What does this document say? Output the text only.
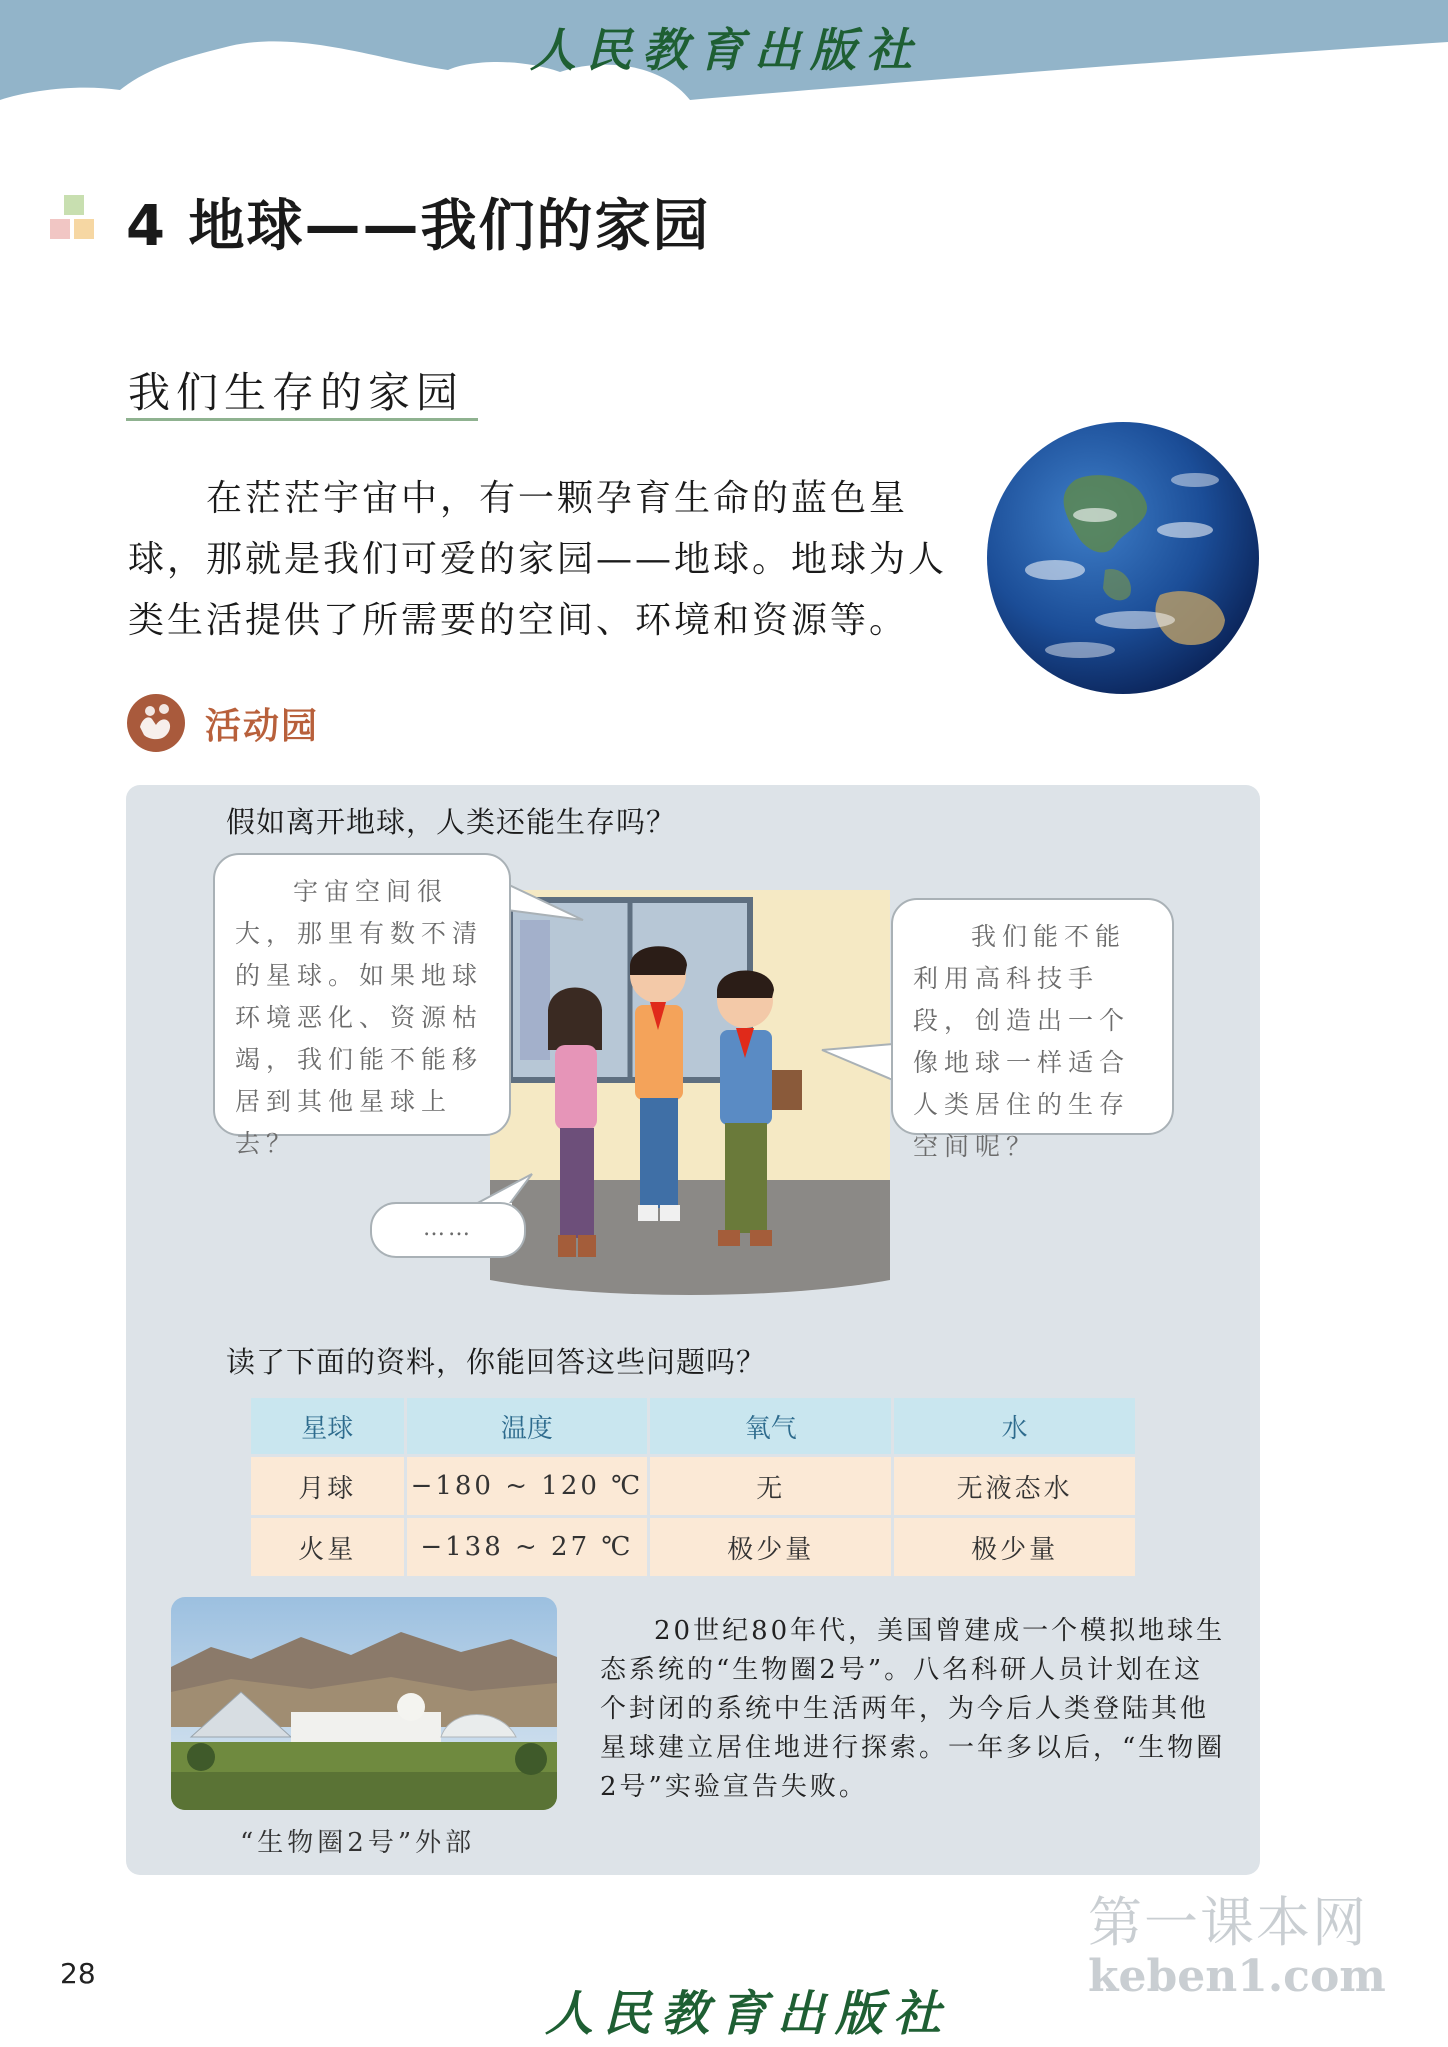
人民教育出版社
4 地球——我们的家园
我们生存的家园
在茫茫宇宙中，有一颗孕育生命的蓝色星球，那就是我们可爱的家园——地球。地球为人类生活提供了所需要的空间、环境和资源等。
活动园
假如离开地球，人类还能生存吗？
宇宙空间很大，那里有数不清的星球。如果地球环境恶化、资源枯竭，我们能不能移居到其他星球上去？
我们能不能利用高科技手段，创造出一个像地球一样适合人类居住的生存空间呢？
……
读了下面的资料，你能回答这些问题吗？
星球	温度	氧气	水
月球	−180 ~ 120 ℃	无	无液态水
火星	−138 ~ 27 ℃	极少量	极少量
“生物圈2号”外部
20世纪80年代，美国曾建成一个模拟地球生态系统的“生物圈2号”。八名科研人员计划在这个封闭的系统中生活两年，为今后人类登陆其他星球建立居住地进行探索。一年多以后，“生物圈2号”实验宣告失败。
28
人民教育出版社
第一课本网
keben1.com
